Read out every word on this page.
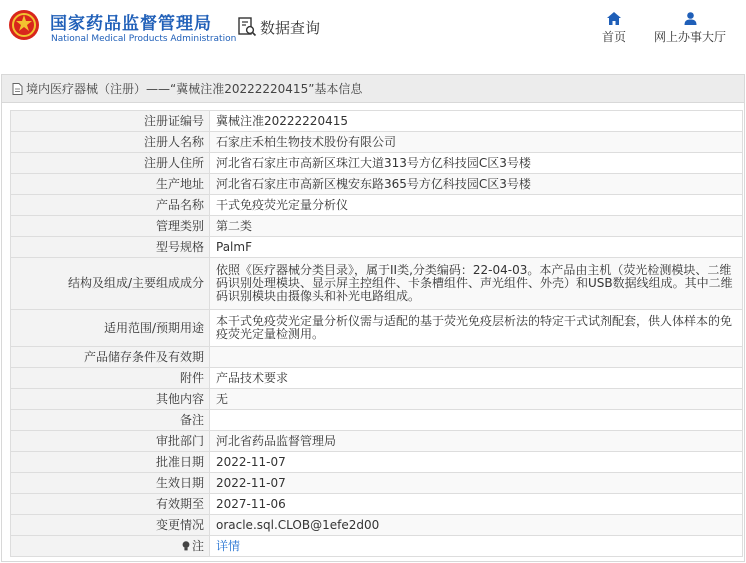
国家药品监督管理局
National Medical Products Administration
数据查询
首页	网上办事大厅
境内医疗器械（注册）——“冀械注准20222220415”基本信息
注册证编号	冀械注准20222220415
注册人名称	石家庄禾柏生物技术股份有限公司
注册人住所	河北省石家庄市高新区珠江大道313号方亿科技园C区3号楼
生产地址	河北省石家庄市高新区槐安东路365号方亿科技园C区3号楼
产品名称	干式免疫荧光定量分析仪
管理类别	第二类
型号规格	PalmF
结构及组成/主要组成成分	依照《医疗器械分类目录》，属于II类,分类编码：22-04-03。本产品由主机（荧光检测模块、二维码识别处理模块、显示屏主控组件、卡条槽组件、声光组件、外壳）和USB数据线组成。其中二维码识别模块由摄像头和补光电路组成。
适用范围/预期用途	本干式免疫荧光定量分析仪需与适配的基于荧光免疫层析法的特定干式试剂配套，供人体样本的免疫荧光定量检测用。
产品储存条件及有效期	
附件	产品技术要求
其他内容	无
备注	
审批部门	河北省药品监督管理局
批准日期	2022-11-07
生效日期	2022-11-07
有效期至	2027-11-06
变更情况	oracle.sql.CLOB@1efe2d00
注	详情
